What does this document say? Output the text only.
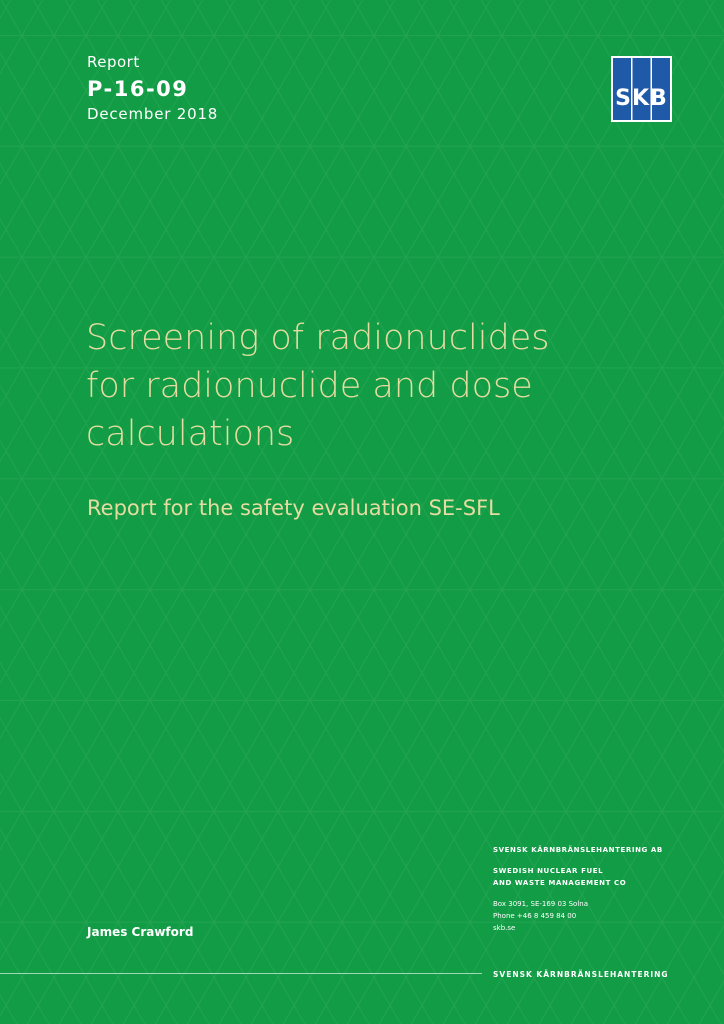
Report
P-16-09
December 2018
SKB
Screening of radionuclides
for radionuclide and dose
calculations
Report for the safety evaluation SE-SFL
James Crawford
SVENSK KÄRNBRÄNSLEHANTERING AB
SWEDISH NUCLEAR FUEL
AND WASTE MANAGEMENT CO
Box 3091, SE-169 03 Solna
Phone +46 8 459 84 00
skb.se
SVENSK KÄRNBRÄNSLEHANTERING
